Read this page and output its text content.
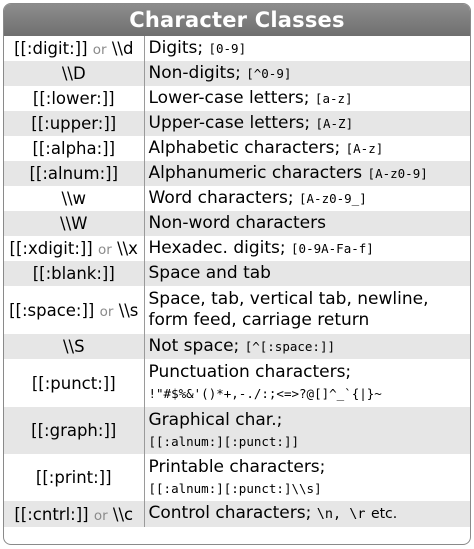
Character Classes
[[:digit:]] or \\d	Digits; [0-9]
\\D	Non-digits; [^0-9]
[[:lower:]]	Lower-case letters; [a-z]
[[:upper:]]	Upper-case letters; [A-Z]
[[:alpha:]]	Alphabetic characters; [A-z]
[[:alnum:]]	Alphanumeric characters [A-z0-9]
\\w	Word characters; [A-z0-9_]
\\W	Non-word characters
[[:xdigit:]] or \\x	Hexadec. digits; [0-9A-Fa-f]
[[:blank:]]	Space and tab
[[:space:]] or \\s	Space, tab, vertical tab, newline,
form feed, carriage return

\\S	Not space; [^[:space:]]
[[:punct:]]	Punctuation characters;
!"#$%&'()*+,-./:;<=>?@[]^_`{|}~

[[:graph:]]	Graphical char.;
[[:alnum:][:punct:]]

[[:print:]]	Printable characters;
[[:alnum:][:punct:]\\s]

[[:cntrl:]] or \\c	Control characters; \n, \r etc.
